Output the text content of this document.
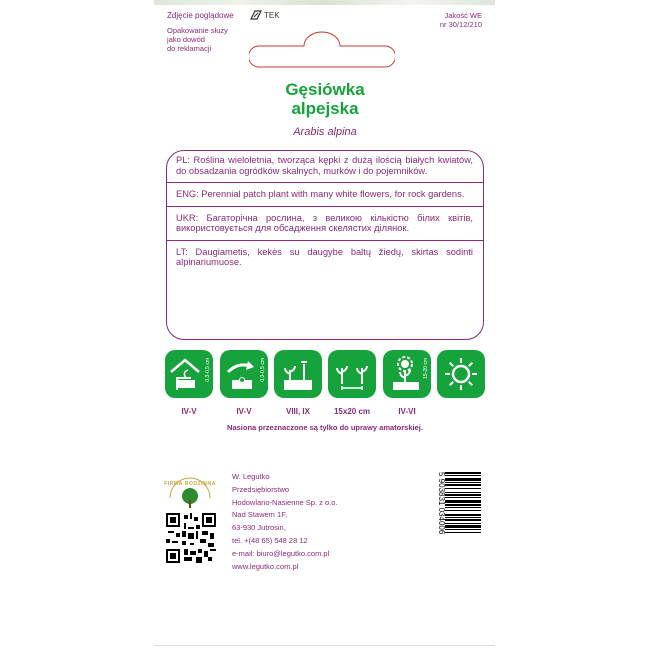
Zdjęcie poglądowe	TEK
Opakowanie służy
jako dowód
do reklamacji
Jakość WE
nr 30/12/210
Gęsiówka
alpejska
Arabis alpina

PL: Roślina wieloletnia, tworząca kępki z dużą ilością białych kwiatów, do obsadzania ogródków skalnych, murków i do pojemników.

ENG: Perennial patch plant with many white flowers, for rock gardens.

UKR: Багаторічна рослина, з великою кількістю білих квітів, використовується для обсадження скелястих ділянок.

LT: Daugiametis, kekės su daugybe baltų žiedų, skirtas sodinti alpinariumuose.

0,3-0,5 cm	0,3-0,5 cm	15-20 cm
IV-V	IV-V	VIII, IX	15x20 cm	IV-VI
Nasiona przeznaczone są tylko do uprawy amatorskiej.
FIRMA RODZINNA
W. Legutko
Przedsiębiorstwo
Hodowlano-Nasienne Sp. z o.o.
Nad Stawem 1F,
63-930 Jutrosin,
tel. +(48 65) 548 28 12
e-mail: biuro@legutko.com.pl
www.legutko.com.pl
5 903831 034006
